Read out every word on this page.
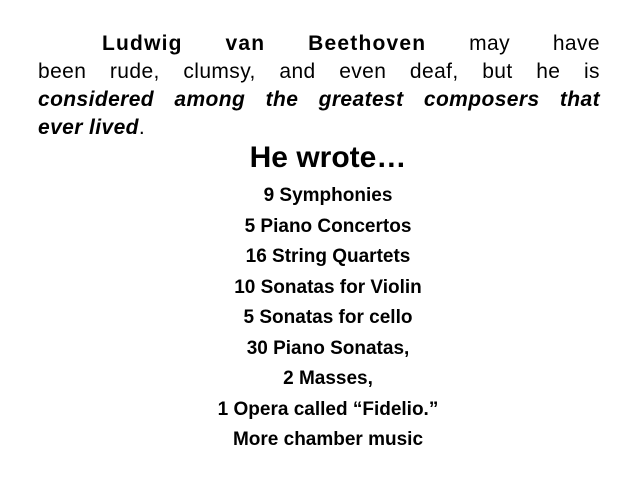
Ludwig van Beethoven may have
been rude, clumsy, and even deaf, but he is
considered among the greatest composers that
ever lived .
He wrote…
9 Symphonies
5 Piano Concertos
16 String Quartets
10 Sonatas for Violin
5 Sonatas for cello
30 Piano Sonatas,
2 Masses,
1 Opera called “Fidelio.”
More chamber music
